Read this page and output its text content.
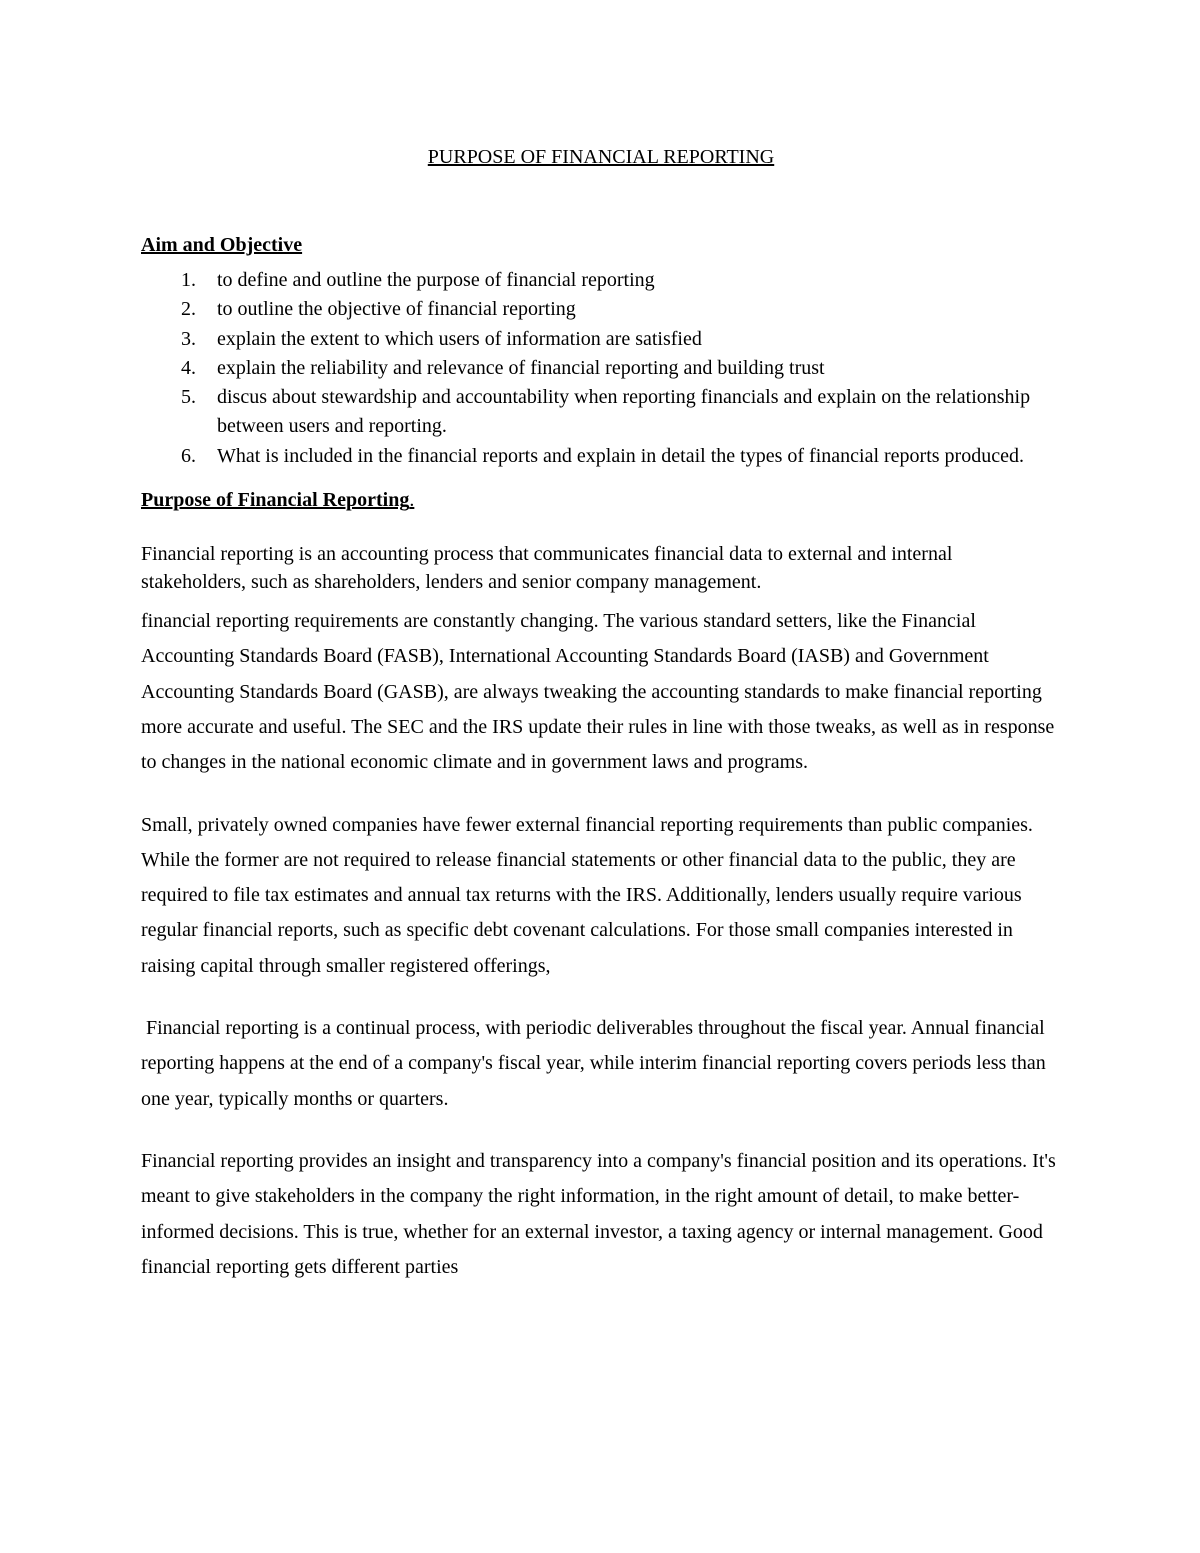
PURPOSE OF FINANCIAL REPORTING
Aim and Objective
1. to define and outline the purpose of financial reporting
2. to outline the objective of financial reporting
3. explain the extent to which users of information are satisfied
4. explain the reliability and relevance of financial reporting and building trust
5. discus about stewardship and accountability when reporting financials and explain on the relationship between users and reporting.
6. What is included in the financial reports and explain in detail the types of financial reports produced.
Purpose of Financial Reporting.

Financial reporting is an accounting process that communicates financial data to external and internal stakeholders, such as shareholders, lenders and senior company management.

financial reporting requirements are constantly changing. The various standard setters, like the Financial Accounting Standards Board (FASB), International Accounting Standards Board (IASB) and Government Accounting Standards Board (GASB), are always tweaking the accounting standards to make financial reporting more accurate and useful. The SEC and the IRS update their rules in line with those tweaks, as well as in response to changes in the national economic climate and in government laws and programs.

Small, privately owned companies have fewer external financial reporting requirements than public companies. While the former are not required to release financial statements or other financial data to the public, they are required to file tax estimates and annual tax returns with the IRS. Additionally, lenders usually require various regular financial reports, such as specific debt covenant calculations. For those small companies interested in raising capital through smaller registered offerings,

Financial reporting is a continual process, with periodic deliverables throughout the fiscal year. Annual financial reporting happens at the end of a company's fiscal year, while interim financial reporting covers periods less than one year, typically months or quarters.

Financial reporting provides an insight and transparency into a company's financial position and its operations. It's meant to give stakeholders in the company the right information, in the right amount of detail, to make better-informed decisions. This is true, whether for an external investor, a taxing agency or internal management. Good financial reporting gets different parties
